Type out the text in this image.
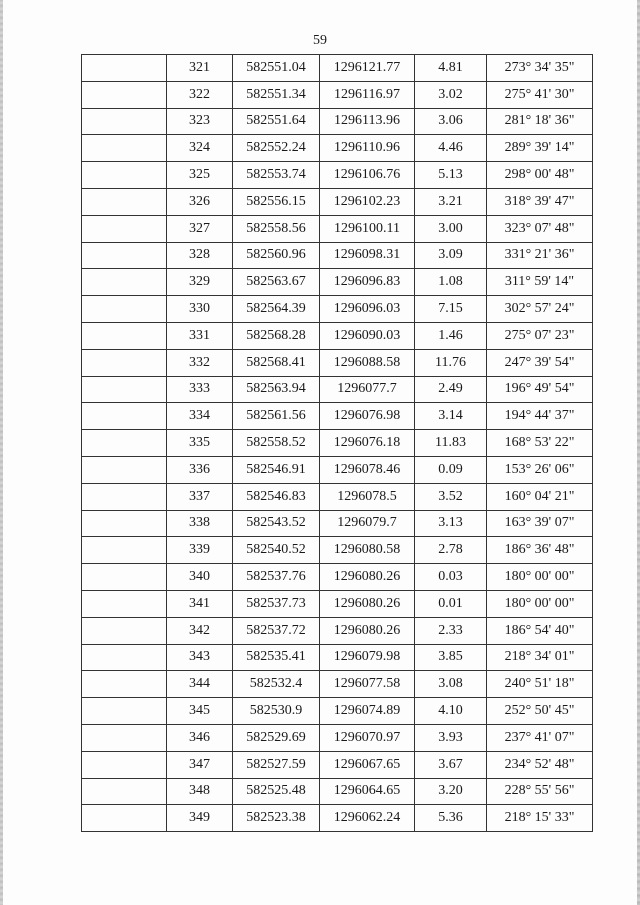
59
	321	582551.04	1296121.77	4.81	273° 34' 35"
	322	582551.34	1296116.97	3.02	275° 41' 30"
	323	582551.64	1296113.96	3.06	281° 18' 36"
	324	582552.24	1296110.96	4.46	289° 39' 14"
	325	582553.74	1296106.76	5.13	298° 00' 48"
	326	582556.15	1296102.23	3.21	318° 39' 47"
	327	582558.56	1296100.11	3.00	323° 07' 48"
	328	582560.96	1296098.31	3.09	331° 21' 36"
	329	582563.67	1296096.83	1.08	311° 59' 14"
	330	582564.39	1296096.03	7.15	302° 57' 24"
	331	582568.28	1296090.03	1.46	275° 07' 23"
	332	582568.41	1296088.58	11.76	247° 39' 54"
	333	582563.94	1296077.7	2.49	196° 49' 54"
	334	582561.56	1296076.98	3.14	194° 44' 37"
	335	582558.52	1296076.18	11.83	168° 53' 22"
	336	582546.91	1296078.46	0.09	153° 26' 06"
	337	582546.83	1296078.5	3.52	160° 04' 21"
	338	582543.52	1296079.7	3.13	163° 39' 07"
	339	582540.52	1296080.58	2.78	186° 36' 48"
	340	582537.76	1296080.26	0.03	180° 00' 00"
	341	582537.73	1296080.26	0.01	180° 00' 00"
	342	582537.72	1296080.26	2.33	186° 54' 40"
	343	582535.41	1296079.98	3.85	218° 34' 01"
	344	582532.4	1296077.58	3.08	240° 51' 18"
	345	582530.9	1296074.89	4.10	252° 50' 45"
	346	582529.69	1296070.97	3.93	237° 41' 07"
	347	582527.59	1296067.65	3.67	234° 52' 48"
	348	582525.48	1296064.65	3.20	228° 55' 56"
	349	582523.38	1296062.24	5.36	218° 15' 33"
